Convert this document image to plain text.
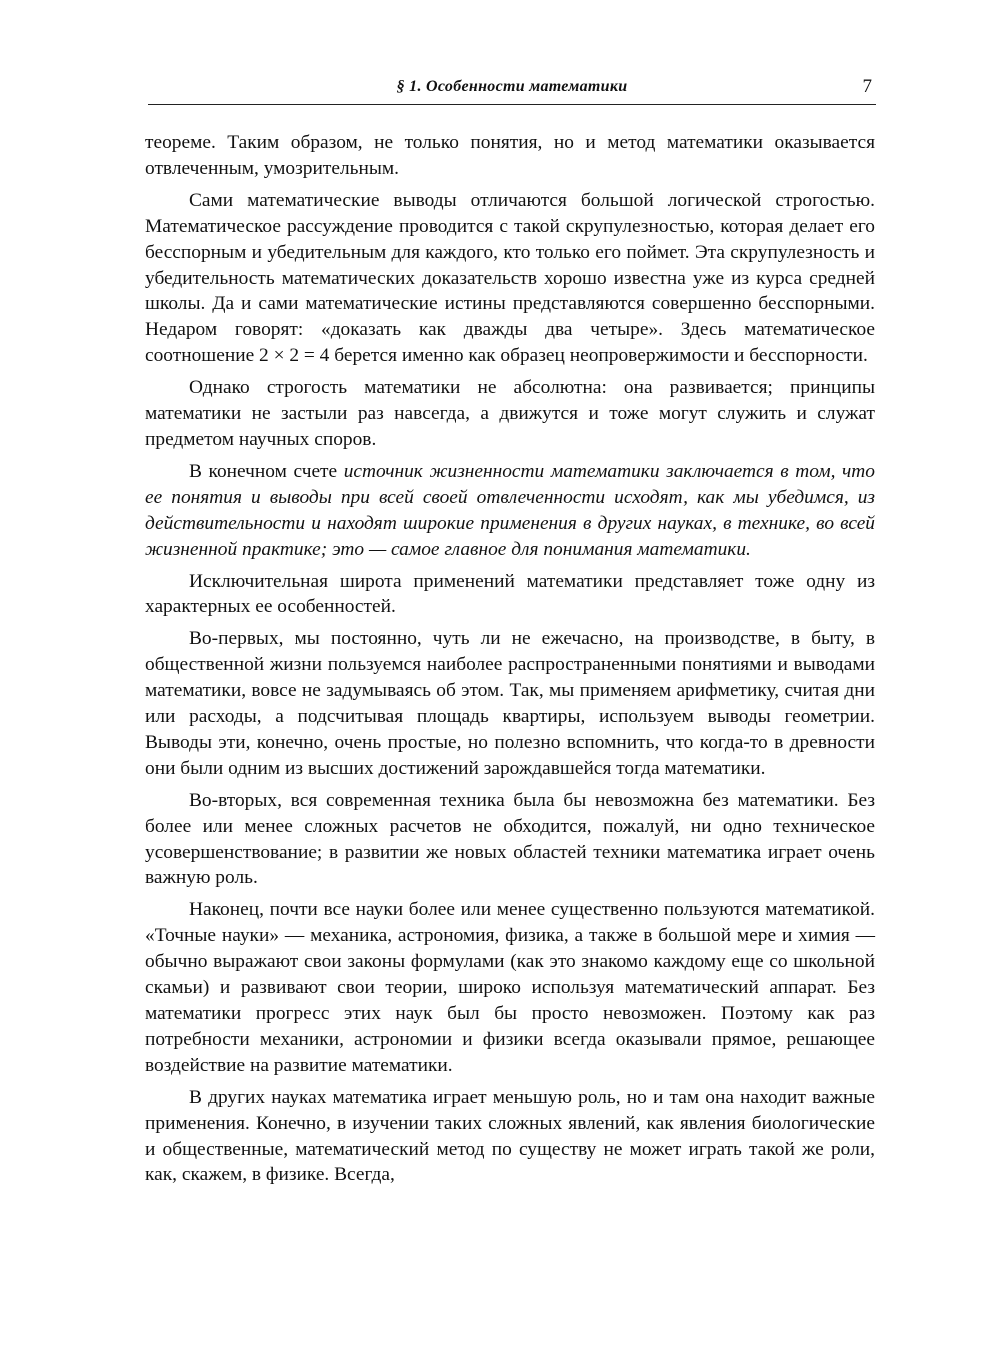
§ 1. Особенности математики	7

теореме. Таким образом, не только понятия, но и метод математики оказывается отвлеченным, умозрительным.

Сами математические выводы отличаются большой логической строгостью. Математическое рассуждение проводится с такой скрупулезностью, которая делает его бесспорным и убедительным для каждого, кто только его поймет. Эта скрупулезность и убедительность математических доказательств хорошо известна уже из курса средней школы. Да и сами математические истины представляются совершенно бесспорными. Недаром говорят: «доказать как дважды два четыре». Здесь математическое соотношение 2 × 2 = 4 берется именно как образец неопровержимости и бесспорности.

Однако строгость математики не абсолютна: она развивается; принципы математики не застыли раз навсегда, а движутся и тоже могут служить и служат предметом научных споров.

В конечном счете источник жизненности математики заключается в том, что ее понятия и выводы при всей своей отвлеченности исходят, как мы убедимся, из действительности и находят широкие применения в других науках, в технике, во всей жизненной практике; это — самое главное для понимания математики.

Исключительная широта применений математики представляет тоже одну из характерных ее особенностей.

Во-первых, мы постоянно, чуть ли не ежечасно, на производстве, в быту, в общественной жизни пользуемся наиболее распространенными понятиями и выводами математики, вовсе не задумываясь об этом. Так, мы применяем арифметику, считая дни или расходы, а подсчитывая площадь квартиры, используем выводы геометрии. Выводы эти, конечно, очень простые, но полезно вспомнить, что когда-то в древности они были одним из высших достижений зарождавшейся тогда математики.

Во-вторых, вся современная техника была бы невозможна без математики. Без более или менее сложных расчетов не обходится, пожалуй, ни одно техническое усовершенствование; в развитии же новых областей техники математика играет очень важную роль.

Наконец, почти все науки более или менее существенно пользуются математикой. «Точные науки» — механика, астрономия, физика, а также в большой мере и химия — обычно выражают свои законы формулами (как это знакомо каждому еще со школьной скамьи) и развивают свои теории, широко используя математический аппарат. Без математики прогресс этих наук был бы просто невозможен. Поэтому как раз потребности механики, астрономии и физики всегда оказывали прямое, решающее воздействие на развитие математики.

В других науках математика играет меньшую роль, но и там она находит важные применения. Конечно, в изучении таких сложных явлений, как явления биологические и общественные, математический метод по существу не может играть такой же роли, как, скажем, в физике. Всегда,
